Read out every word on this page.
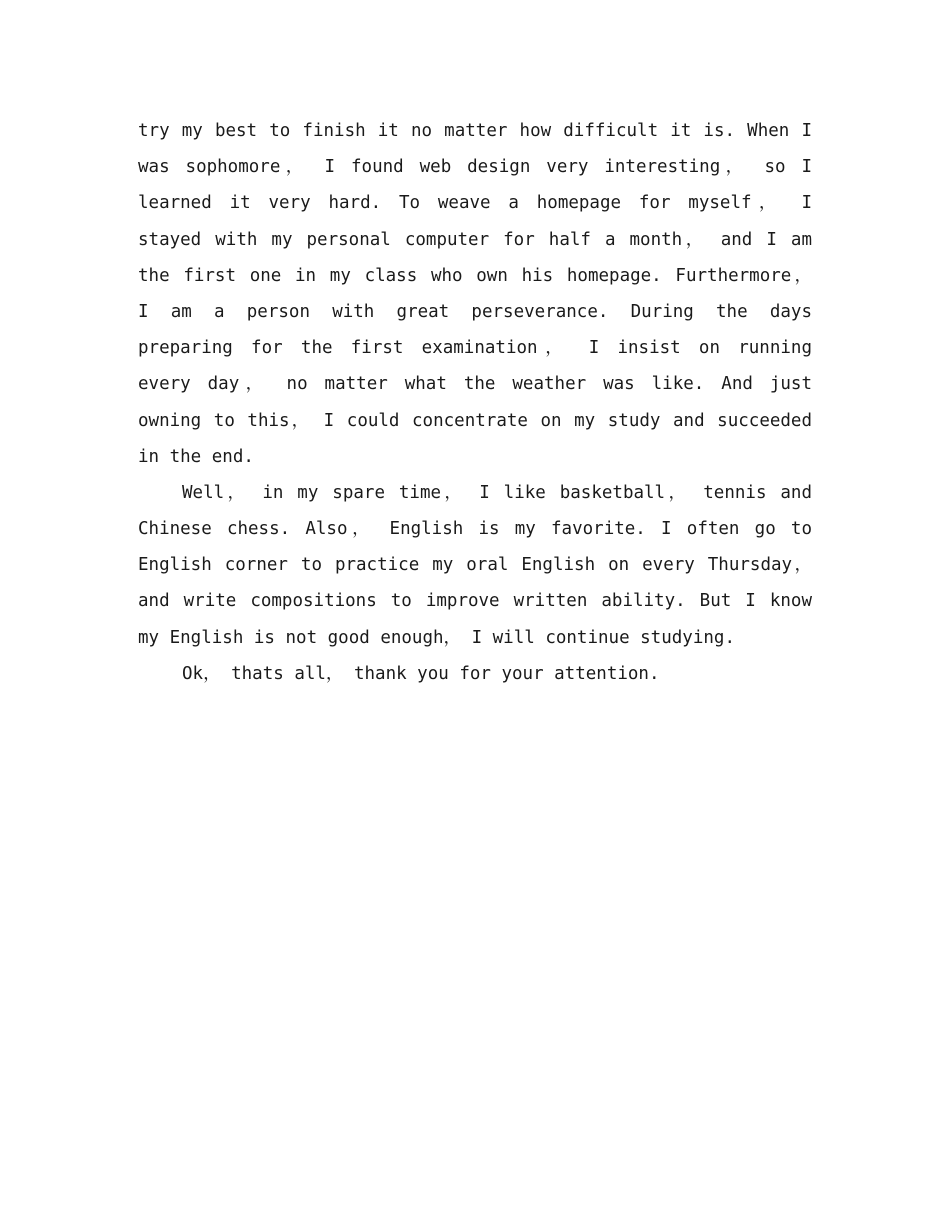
try my best to finish it no matter how difficult it is. When I
was sophomore， I found web design very interesting， so I
learned it very hard. To weave a homepage for myself， I
stayed with my personal computer for half a month， and I am
the first one in my class who own his homepage. Furthermore，
I am a person with great perseverance. During the days
preparing for the first examination， I insist on running
every day， no matter what the weather was like. And just
owning to this， I could concentrate on my study and succeeded
in the end.
Well， in my spare time， I like basketball， tennis and
Chinese chess. Also， English is my favorite. I often go to
English corner to practice my oral English on every Thursday，
and write compositions to improve written ability. But I know
my English is not good enough， I will continue studying.
Ok， thats all， thank you for your attention.
